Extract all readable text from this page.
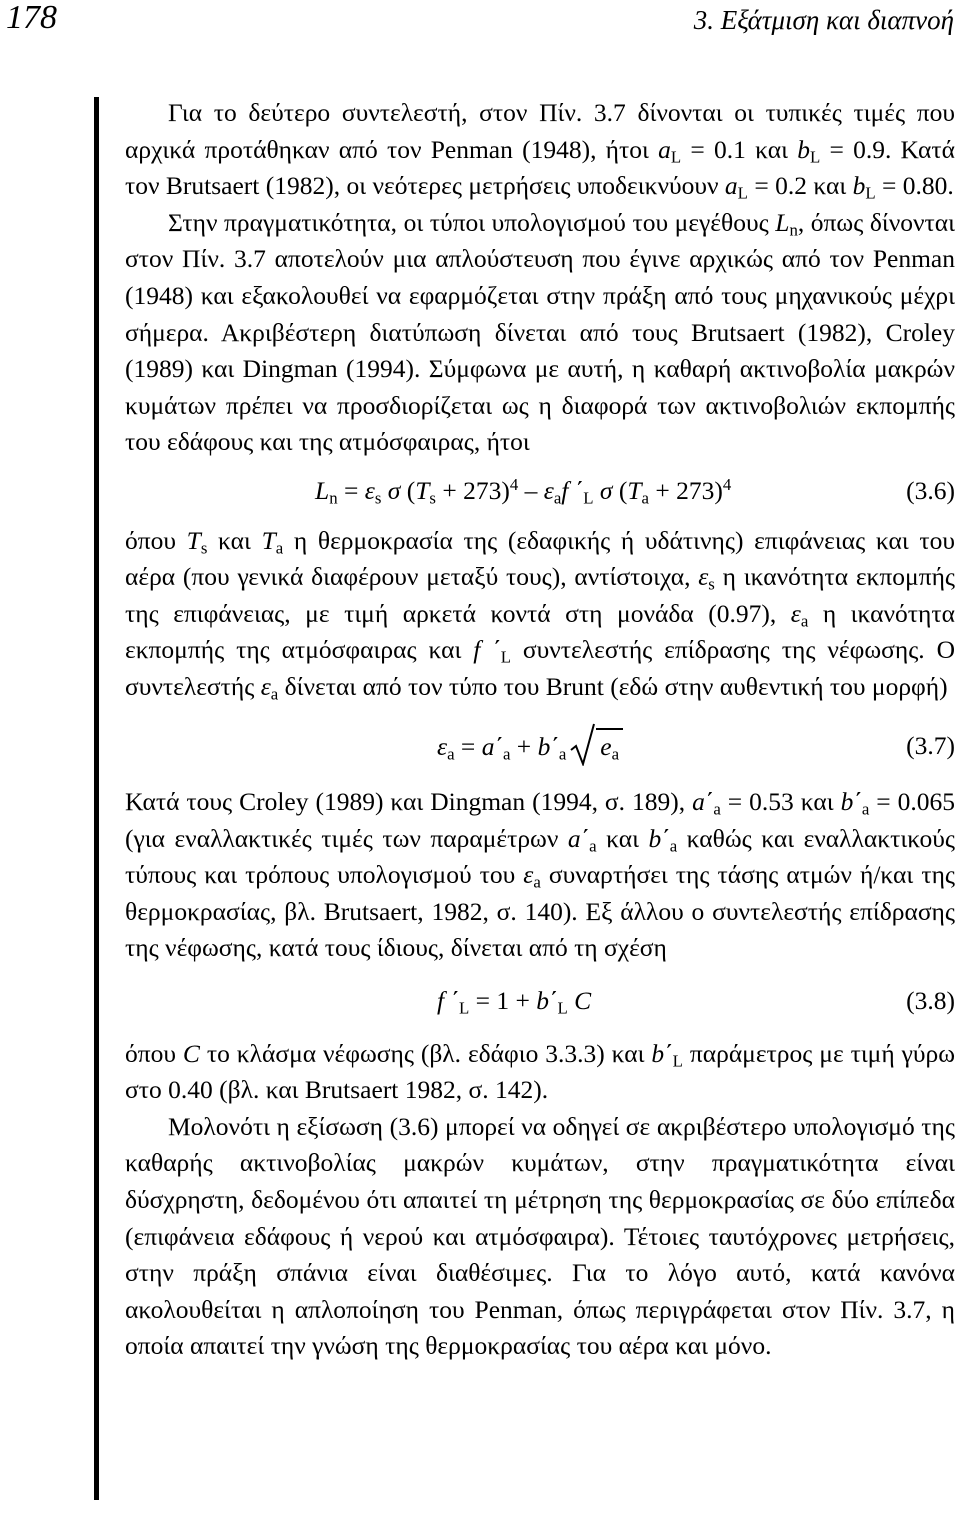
178	3. Εξάτμιση και διαπνοή

Για το δεύτερο συντελεστή, στον Πίν. 3.7 δίνονται οι τυπικές τιμές που αρχικά προτάθηκαν από τον Penman (1948), ήτοι $a_L = 0.1$ και $b_L = 0.9$. Κατά τον Brutsaert (1982), οι νεότερες μετρήσεις υποδεικνύουν $a_L = 0.2$ και $b_L = 0.80$.

Στην πραγματικότητα, οι τύποι υπολογισμού του μεγέθους $L_n$, όπως δίνονται στον Πίν. 3.7 αποτελούν μια απλούστευση που έγινε αρχικώς από τον Penman (1948) και εξακολουθεί να εφαρμόζεται στην πράξη από τους μηχανικούς μέχρι σήμερα. Ακριβέστερη διατύπωση δίνεται από τους Brutsaert (1982), Croley (1989) και Dingman (1994). Σύμφωνα με αυτή, η καθαρή ακτινοβολία μακρών κυμάτων πρέπει να προσδιορίζεται ως η διαφορά των ακτινοβολιών εκπομπής του εδάφους και της ατμόσφαιρας, ήτοι

$L_n = \varepsilon_s$ σ $(T_s + 273)^4 - \varepsilon_af$ $΄_L$ σ $(T_a + 273)^4$	(3.6)

όπου $T_s$ και $T_a$ η θερμοκρασία της (εδαφικής ή υδάτινης) επιφάνειας και του αέρα (που γενικά διαφέρουν μεταξύ τους), αντίστοιχα, $\varepsilon_s$ η ικανότητα εκπομπής της επιφάνειας, με τιμή αρκετά κοντά στη μονάδα (0.97), $\varepsilon_a$ η ικανότητα εκπομπής της ατμόσφαιρας και f $΄_L$ συντελεστής επίδρασης της νέφωσης. Ο συντελεστής $\varepsilon_a$ δίνεται από τον τύπο του Brunt (εδώ στην αυθεντική του μορφή)

$\varepsilon_a = a΄_a + b΄_a$ $e_a$	(3.7)

Κατά τους Croley (1989) και Dingman (1994, σ. 189), $a΄_a = 0.53$ και $b΄_a = 0.065$ (για εναλλακτικές τιμές των παραμέτρων $a΄_a$ και $b΄_a$ καθώς και εναλλακτικούς τύπους και τρόπους υπολογισμού του $\varepsilon_a$ συναρτήσει της τάσης ατμών ή/και της θερμοκρασίας, βλ. Brutsaert, 1982, σ. 140). Εξ άλλου ο συντελεστής επίδρασης της νέφωσης, κατά τους ίδιους, δίνεται από τη σχέση

f $΄_L = 1 + b΄_L$ C	(3.8)

όπου C το κλάσμα νέφωσης (βλ. εδάφιο 3.3.3) και $b΄_L$ παράμετρος με τιμή γύρω στο 0.40 (βλ. και Brutsaert 1982, σ. 142).

Μολονότι η εξίσωση (3.6) μπορεί να οδηγεί σε ακριβέστερο υπολογισμό της καθαρής ακτινοβολίας μακρών κυμάτων, στην πραγματικότητα είναι δύσχρηστη, δεδομένου ότι απαιτεί τη μέτρηση της θερμοκρασίας σε δύο επίπεδα (επιφάνεια εδάφους ή νερού και ατμόσφαιρα). Τέτοιες ταυτόχρονες μετρήσεις, στην πράξη σπάνια είναι διαθέσιμες. Για το λόγο αυτό, κατά κανόνα ακολουθείται η απλοποίηση του Penman, όπως περιγράφεται στον Πίν. 3.7, η οποία απαιτεί την γνώση της θερμοκρασίας του αέρα και μόνο.
